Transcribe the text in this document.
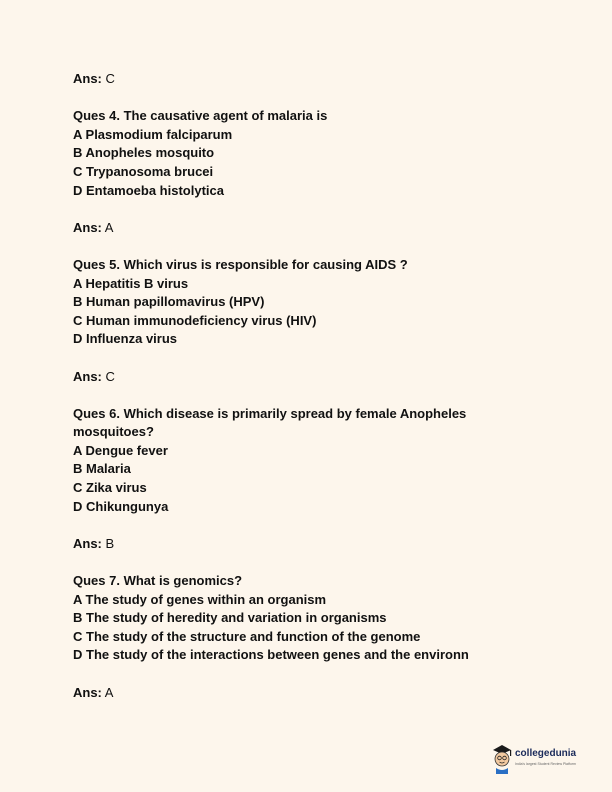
Ans: C
Ques 4. The causative agent of malaria is
A Plasmodium falciparum
B Anopheles mosquito
C Trypanosoma brucei
D Entamoeba histolytica
Ans: A
Ques 5. Which virus is responsible for causing AIDS ?
A Hepatitis B virus
B Human papillomavirus (HPV)
C Human immunodeficiency virus (HIV)
D Influenza virus
Ans: C
Ques 6. Which disease is primarily spread by female Anopheles mosquitoes?
A Dengue fever
B Malaria
C Zika virus
D Chikungunya
Ans: B
Ques 7. What is genomics?
A The study of genes within an organism
B The study of heredity and variation in organisms
C The study of the structure and function of the genome
D The study of the interactions between genes and the environn
Ans: A
collegedunia
India's largest Student Review Platform
